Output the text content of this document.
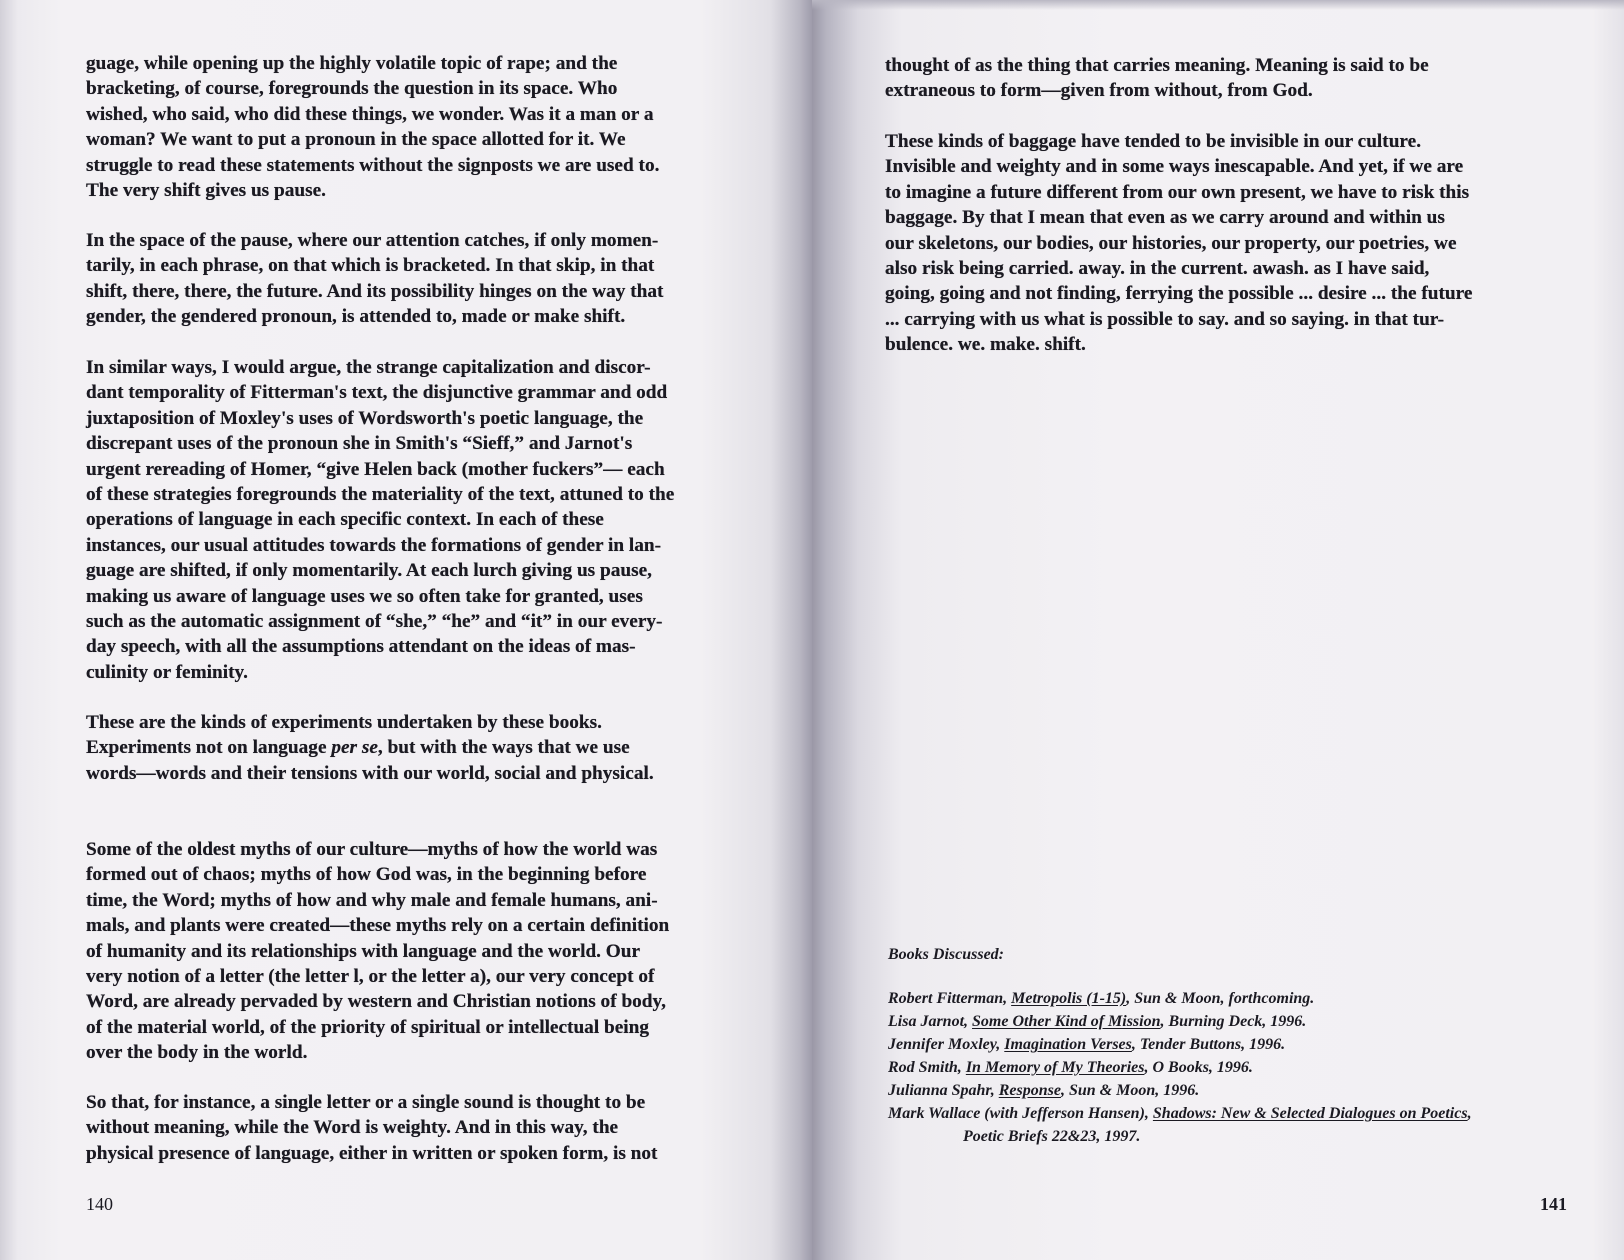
guage, while opening up the highly volatile topic of rape; and the

bracketing, of course, foregrounds the question in its space. Who

wished, who said, who did these things, we wonder. Was it a man or a

woman? We want to put a pronoun in the space allotted for it. We

struggle to read these statements without the signposts we are used to.

The very shift gives us pause.

In the space of the pause, where our attention catches, if only momen-

tarily, in each phrase, on that which is bracketed. In that skip, in that

shift, there, there, the future. And its possibility hinges on the way that

gender, the gendered pronoun, is attended to, made or make shift.

In similar ways, I would argue, the strange capitalization and discor-

dant temporality of Fitterman's text, the disjunctive grammar and odd

juxtaposition of Moxley's uses of Wordsworth's poetic language, the

discrepant uses of the pronoun she in Smith's “Sieff,” and Jarnot's

urgent rereading of Homer, “give Helen back (mother fuckers”— each

of these strategies foregrounds the materiality of the text, attuned to the

operations of language in each specific context. In each of these

instances, our usual attitudes towards the formations of gender in lan-

guage are shifted, if only momentarily. At each lurch giving us pause,

making us aware of language uses we so often take for granted, uses

such as the automatic assignment of “she,” “he” and “it” in our every-

day speech, with all the assumptions attendant on the ideas of mas-

culinity or feminity.

These are the kinds of experiments undertaken by these books.

Experiments not on language per se, but with the ways that we use

words—words and their tensions with our world, social and physical.

Some of the oldest myths of our culture—myths of how the world was

formed out of chaos; myths of how God was, in the beginning before

time, the Word; myths of how and why male and female humans, ani-

mals, and plants were created—these myths rely on a certain definition

of humanity and its relationships with language and the world. Our

very notion of a letter (the letter l, or the letter a), our very concept of

Word, are already pervaded by western and Christian notions of body,

of the material world, of the priority of spiritual or intellectual being

over the body in the world.

So that, for instance, a single letter or a single sound is thought to be

without meaning, while the Word is weighty. And in this way, the

physical presence of language, either in written or spoken form, is not

140

thought of as the thing that carries meaning. Meaning is said to be

extraneous to form—given from without, from God.

These kinds of baggage have tended to be invisible in our culture.

Invisible and weighty and in some ways inescapable. And yet, if we are

to imagine a future different from our own present, we have to risk this

baggage. By that I mean that even as we carry around and within us

our skeletons, our bodies, our histories, our property, our poetries, we

also risk being carried. away. in the current. awash. as I have said,

going, going and not finding, ferrying the possible ... desire ... the future

... carrying with us what is possible to say. and so saying. in that tur-

bulence. we. make. shift.

Books Discussed:
Robert Fitterman, Metropolis (1-15), Sun & Moon, forthcoming.
Lisa Jarnot, Some Other Kind of Mission, Burning Deck, 1996.
Jennifer Moxley, Imagination Verses, Tender Buttons, 1996.
Rod Smith, In Memory of My Theories, O Books, 1996.
Julianna Spahr, Response, Sun & Moon, 1996.
Mark Wallace (with Jefferson Hansen), Shadows: New & Selected Dialogues on Poetics,
Poetic Briefs 22&23, 1997.
141
